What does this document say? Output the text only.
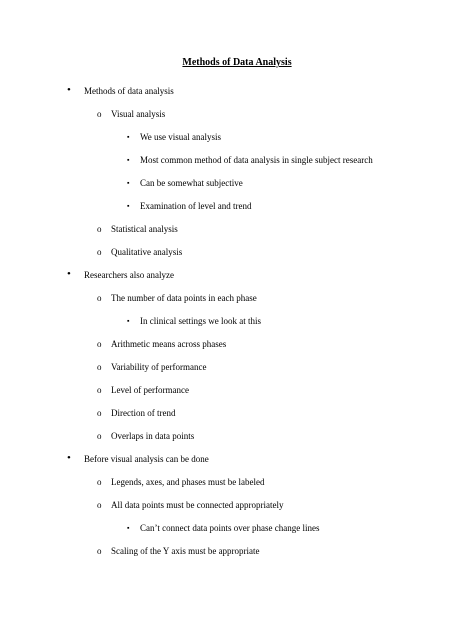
Methods of Data Analysis
• Methods of data analysis
o Visual analysis
▪ We use visual analysis
▪ Most common method of data analysis in single subject research
▪ Can be somewhat subjective
▪ Examination of level and trend
o Statistical analysis
o Qualitative analysis
• Researchers also analyze
o The number of data points in each phase
▪ In clinical settings we look at this
o Arithmetic means across phases
o Variability of performance
o Level of performance
o Direction of trend
o Overlaps in data points
• Before visual analysis can be done
o Legends, axes, and phases must be labeled
o All data points must be connected appropriately
▪ Can’t connect data points over phase change lines
o Scaling of the Y axis must be appropriate
